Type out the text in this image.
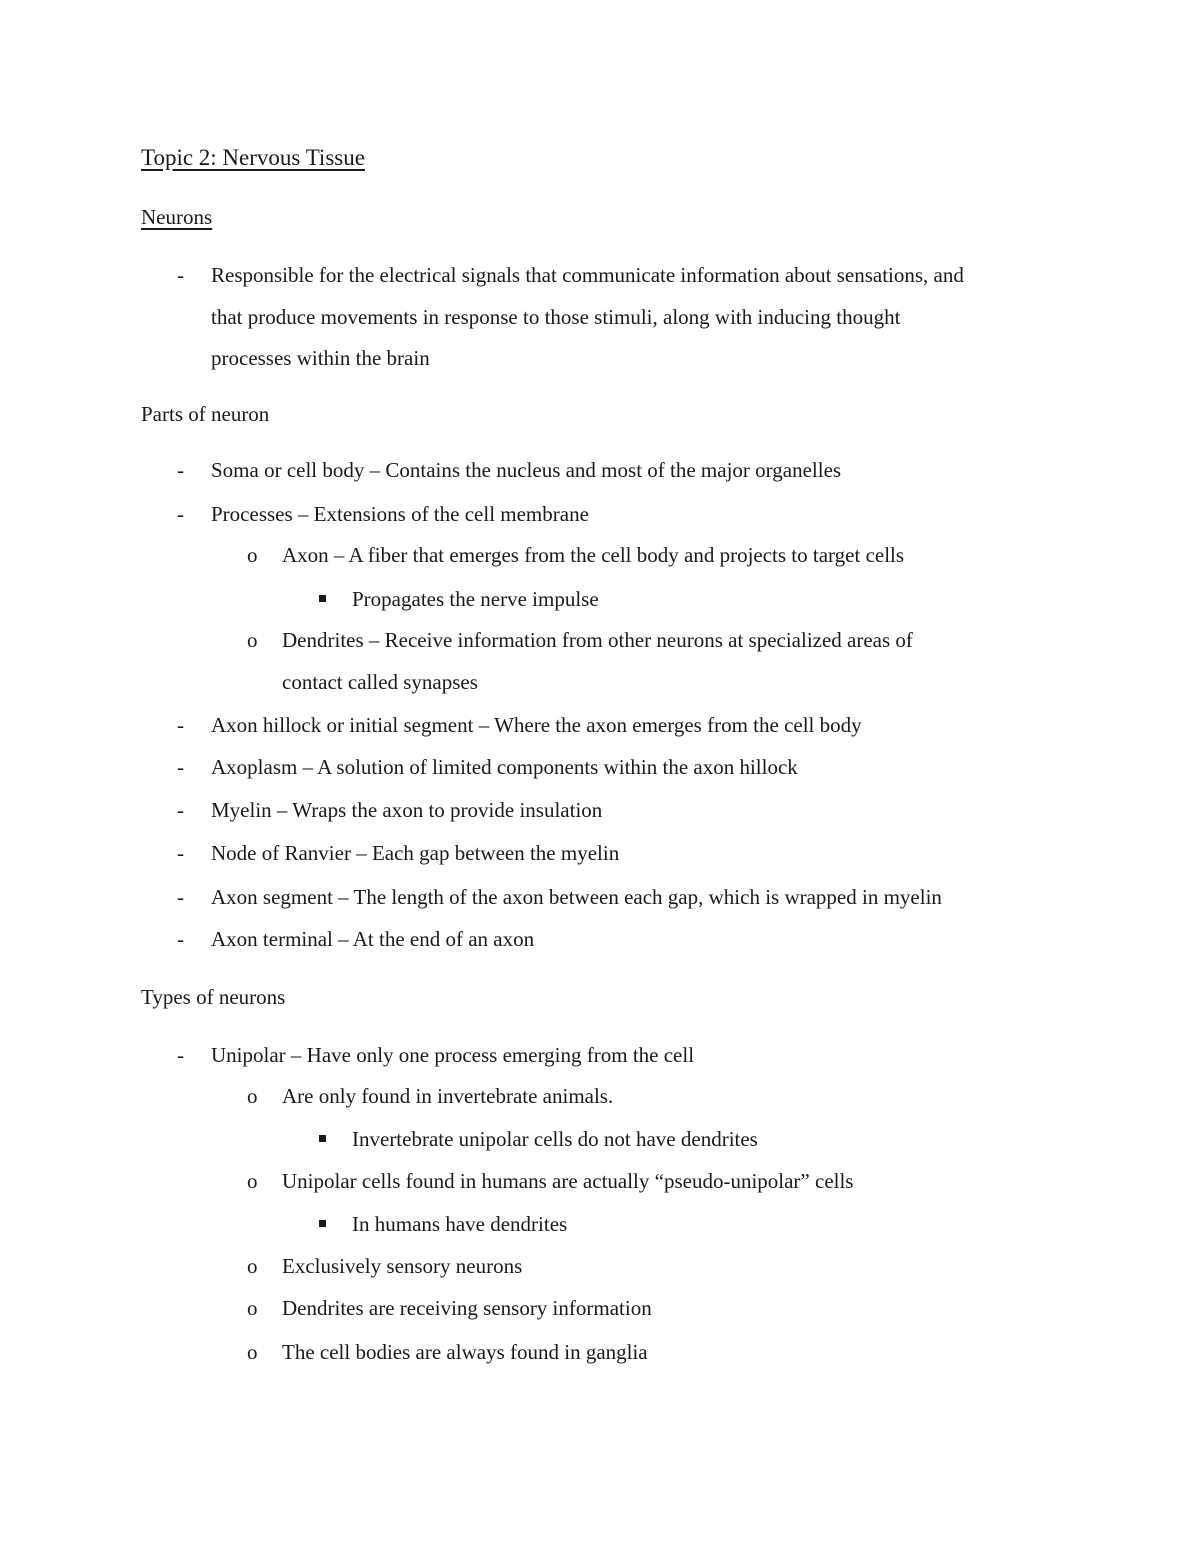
Topic 2: Nervous Tissue
Neurons
- Responsible for the electrical signals that communicate information about sensations, and
that produce movements in response to those stimuli, along with inducing thought
processes within the brain
Parts of neuron
- Soma or cell body – Contains the nucleus and most of the major organelles
- Processes – Extensions of the cell membrane
o Axon – A fiber that emerges from the cell body and projects to target cells
Propagates the nerve impulse
o Dendrites – Receive information from other neurons at specialized areas of
contact called synapses
- Axon hillock or initial segment – Where the axon emerges from the cell body
- Axoplasm – A solution of limited components within the axon hillock
- Myelin – Wraps the axon to provide insulation
- Node of Ranvier – Each gap between the myelin
- Axon segment – The length of the axon between each gap, which is wrapped in myelin
- Axon terminal – At the end of an axon
Types of neurons
- Unipolar – Have only one process emerging from the cell
o Are only found in invertebrate animals.
Invertebrate unipolar cells do not have dendrites
o Unipolar cells found in humans are actually “pseudo-unipolar” cells
In humans have dendrites
o Exclusively sensory neurons
o Dendrites are receiving sensory information
o The cell bodies are always found in ganglia
